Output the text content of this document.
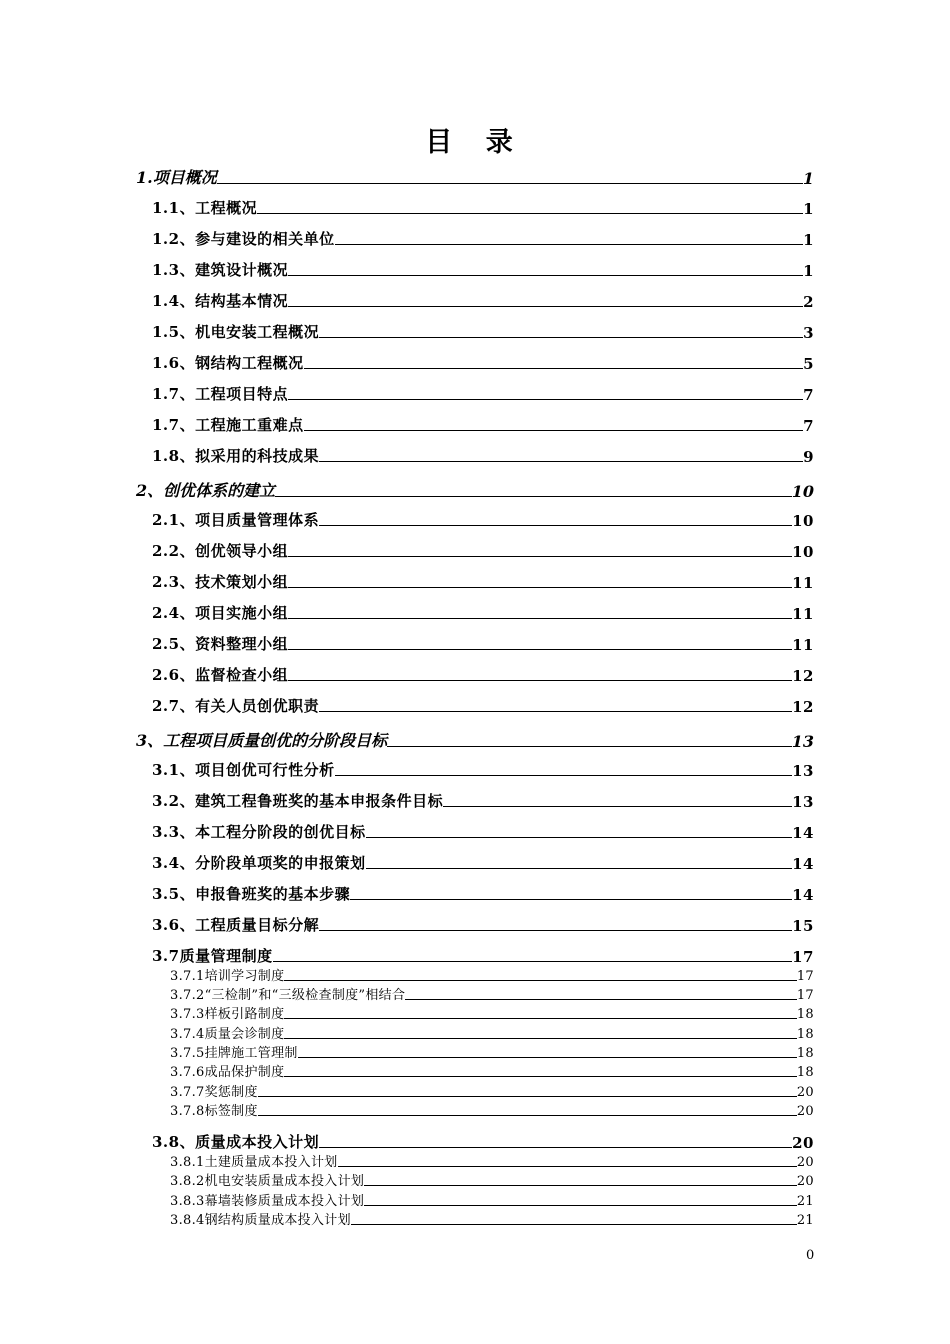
目 录
1.项目概况	1
1.1、工程概况	1
1.2、参与建设的相关单位	1
1.3、建筑设计概况	1
1.4、结构基本情况	2
1.5、机电安装工程概况	3
1.6、钢结构工程概况	5
1.7、工程项目特点	7
1.7、工程施工重难点	7
1.8、拟采用的科技成果	9
2、创优体系的建立	10
2.1、项目质量管理体系	10
2.2、创优领导小组	10
2.3、技术策划小组	11
2.4、项目实施小组	11
2.5、资料整理小组	11
2.6、监督检查小组	12
2.7、有关人员创优职责	12
3、工程项目质量创优的分阶段目标	13
3.1、项目创优可行性分析	13
3.2、建筑工程鲁班奖的基本申报条件目标	13
3.3、本工程分阶段的创优目标	14
3.4、分阶段单项奖的申报策划	14
3.5、申报鲁班奖的基本步骤	14
3.6、工程质量目标分解	15
3.7质量管理制度	17
3.7.1培训学习制度	17
3.7.2“三检制”和“三级检查制度”相结合	17
3.7.3样板引路制度	18
3.7.4质量会诊制度	18
3.7.5挂牌施工管理制	18
3.7.6成品保护制度	18
3.7.7奖惩制度	20
3.7.8标签制度	20
3.8、质量成本投入计划	20
3.8.1土建质量成本投入计划	20
3.8.2机电安装质量成本投入计划	20
3.8.3幕墙装修质量成本投入计划	21
3.8.4钢结构质量成本投入计划	21
0
